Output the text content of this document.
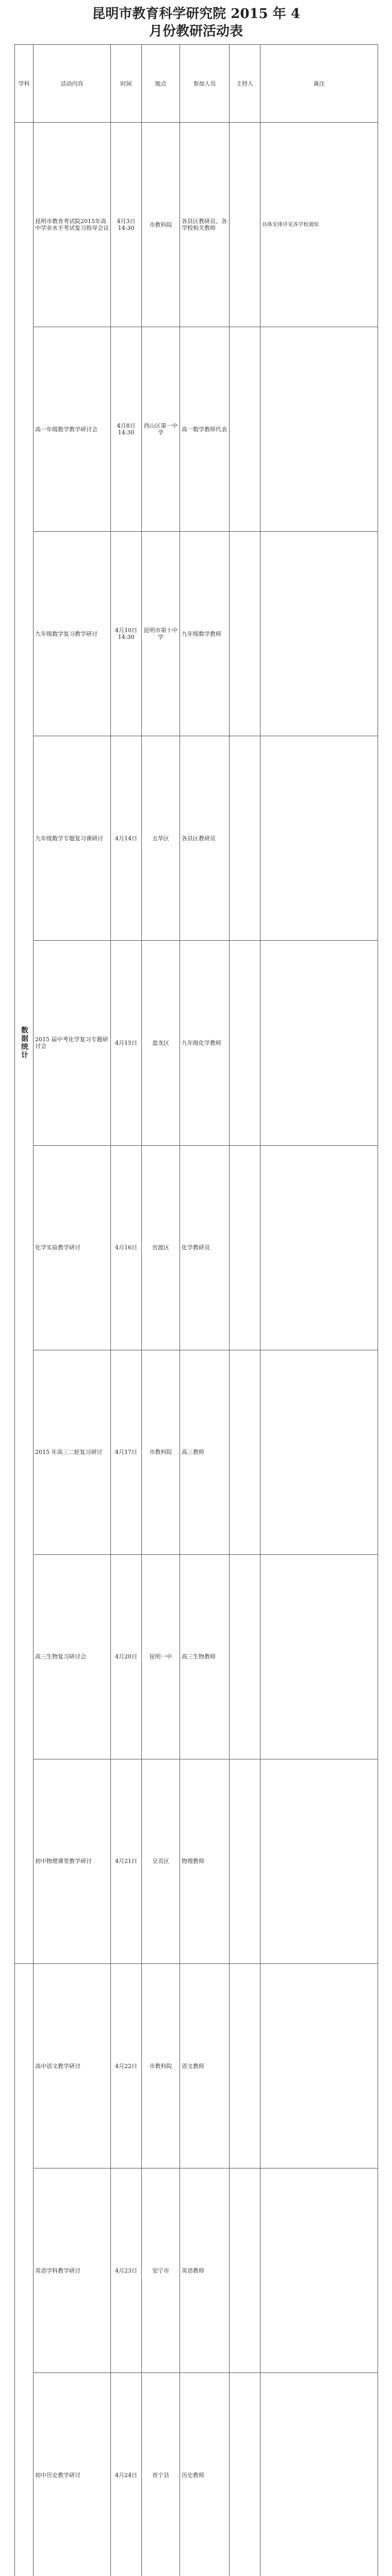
昆明市教育科学研究院 2015 年 4
月份教研活动表
学科	活动内容	时间	地点	参加人员	主持人	备注
数据统计	昆明市教育考试院2015年高中学业水平考试复习指导会议	4月3日 14:30	市教科院	各县区教研员、各学校相关教师		具体安排详见各学校通知
	高一年级数学教学研讨会	4月8日 14:30	西山区第一中学	高一数学教师代表		
	九年级数学复习教学研讨	4月10日 14:30	昆明市第十中学	九年级数学教师		
	九年级数学专题复习课研讨	4月14日	五华区	各县区教研员		
	2015 届中考化学复习专题研讨会	4月15日	盘龙区	九年级化学教师		
	化学实验教学研讨	4月16日	官渡区	化学教研员		
	2015 年高三二轮复习研讨	4月17日	市教科院	高三教师		
	高三生物复习研讨会	4月20日	昆明一中	高三生物教师		
	初中物理课堂教学研讨	4月21日	呈贡区	物理教师		
	高中语文教学研讨	4月22日	市教科院	语文教师		
	英语学科教学研讨	4月23日	安宁市	英语教师		
	初中历史教学研讨	4月24日	晋宁县	历史教师		
